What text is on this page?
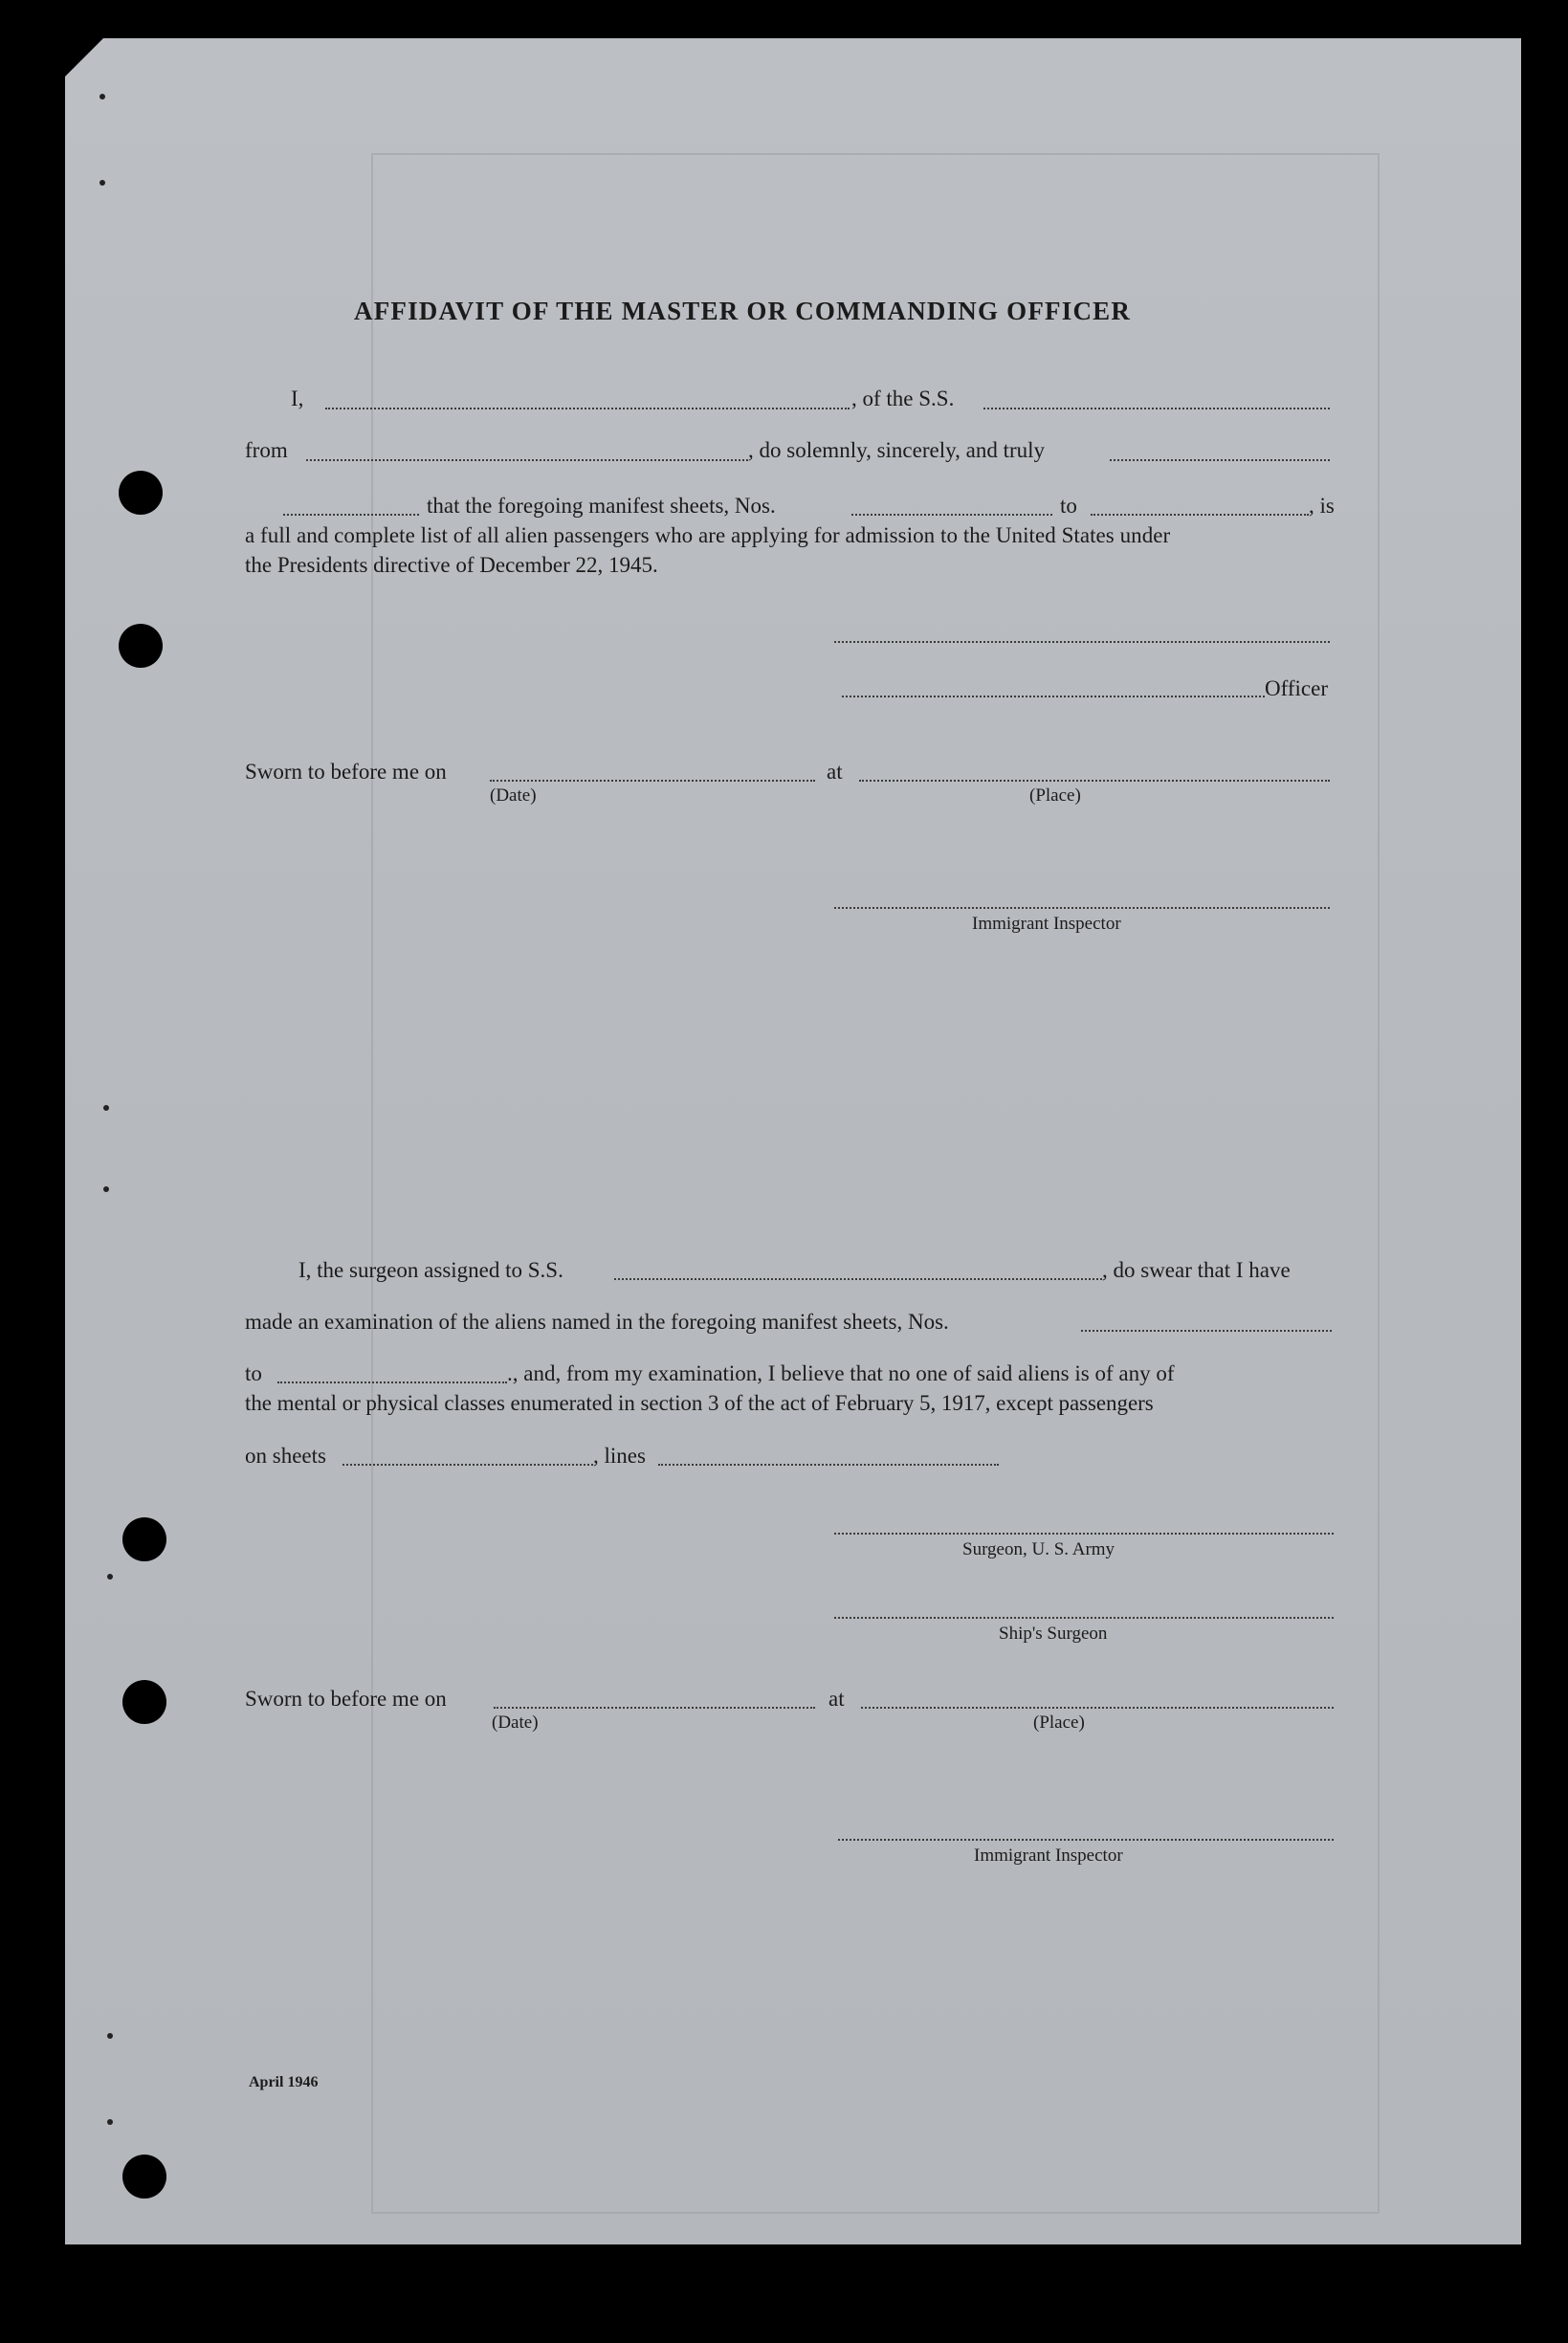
AFFIDAVIT OF THE MASTER OR COMMANDING OFFICER
I,	, of the S.S.
from	, do solemnly, sincerely, and truly
that the foregoing manifest sheets, Nos.	to	, is
a full and complete list of all alien passengers who are applying for admission to the United States under
the Presidents directive of December 22, 1945.
Officer
Sworn to before me on	at
(Date)	(Place)
Immigrant Inspector
I, the surgeon assigned to S.S.	, do swear that I have
made an examination of the aliens named in the foregoing manifest sheets, Nos.
to	., and, from my examination, I believe that no one of said aliens is of any of
the mental or physical classes enumerated in section 3 of the act of February 5, 1917, except passengers
on sheets	, lines
Surgeon, U. S. Army
Ship's Surgeon
Sworn to before me on	at
(Date)	(Place)
Immigrant Inspector
April 1946
